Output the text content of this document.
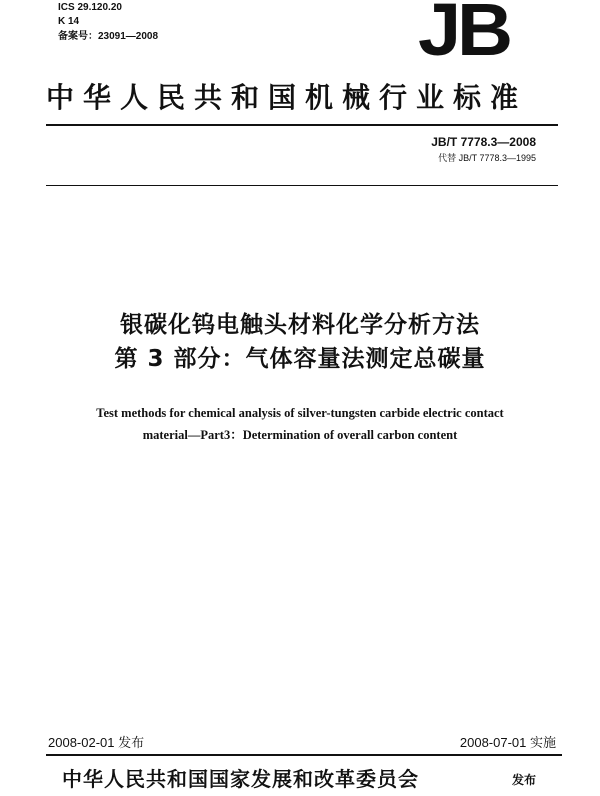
ICS 29.120.20
K 14
备案号：23091—2008	JB
中华人民共和国机械行业标准
JB/T 7778.3—2008
代替 JB/T 7778.3—1995
银碳化钨电触头材料化学分析方法
第 3 部分：气体容量法测定总碳量
Test methods for chemical analysis of silver-tungsten carbide electric contact
material—Part3：Determination of overall carbon content
2008-02-01 发布	2008-07-01 实施
中华人民共和国国家发展和改革委员会	发布
